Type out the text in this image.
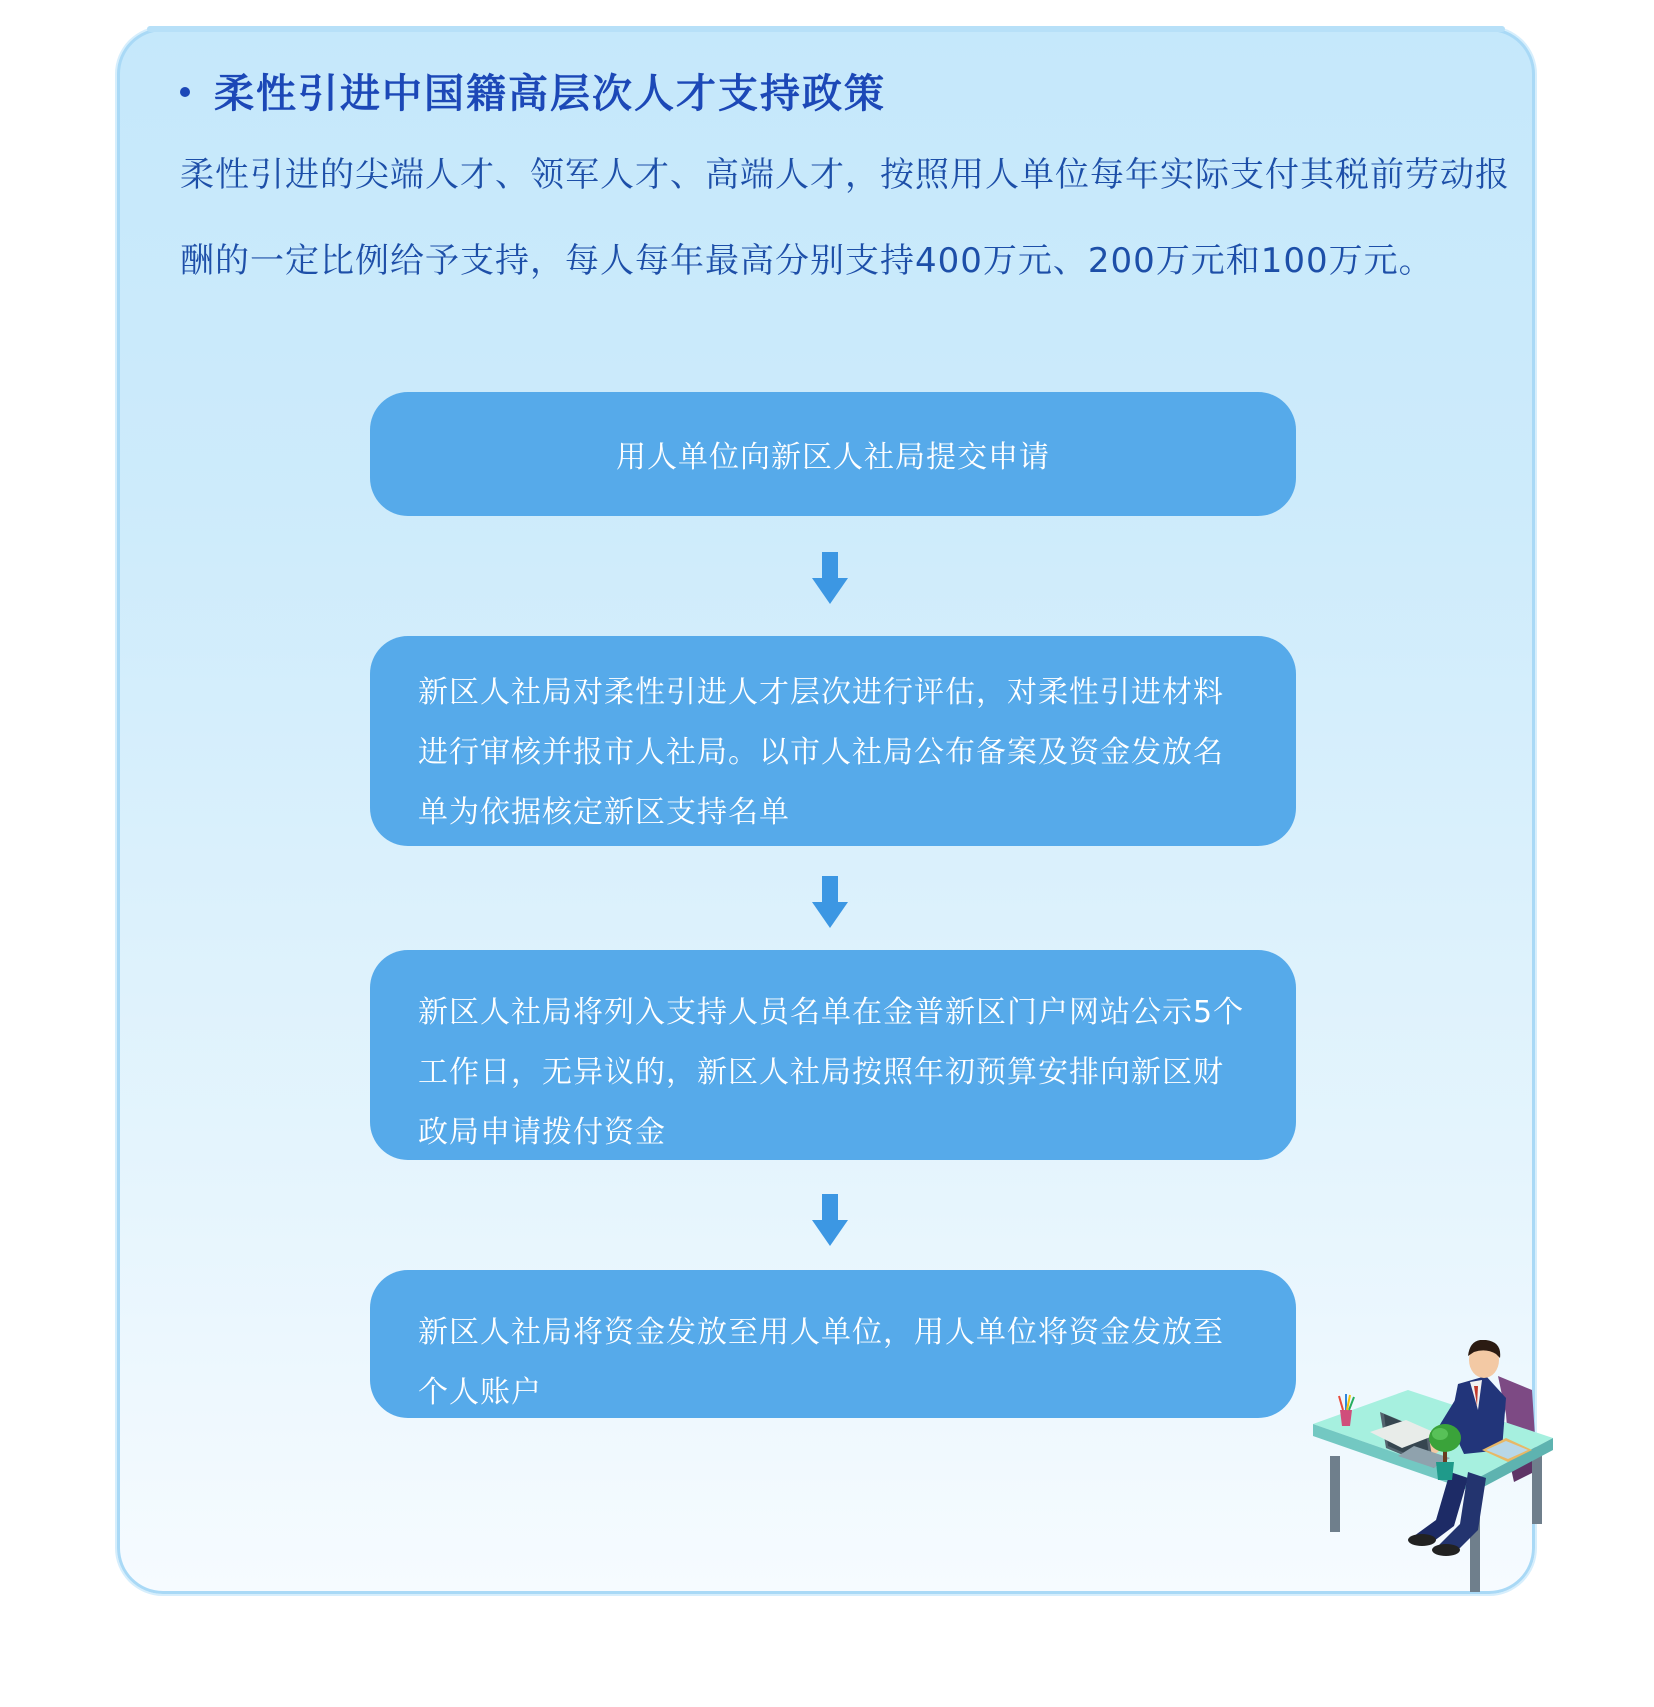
柔性引进中国籍高层次人才支持政策
柔性引进的尖端人才、领军人才、高端人才，按照用人单位每年实际支付其税前劳动报酬的一定比例给予支持，每人每年最高分别支持400万元、200万元和100万元。
用人单位向新区人社局提交申请
新区人社局对柔性引进人才层次进行评估，对柔性引进材料进行审核并报市人社局。以市人社局公布备案及资金发放名单为依据核定新区支持名单
新区人社局将列入支持人员名单在金普新区门户网站公示5个工作日，无异议的，新区人社局按照年初预算安排向新区财政局申请拨付资金
新区人社局将资金发放至用人单位，用人单位将资金发放至个人账户
